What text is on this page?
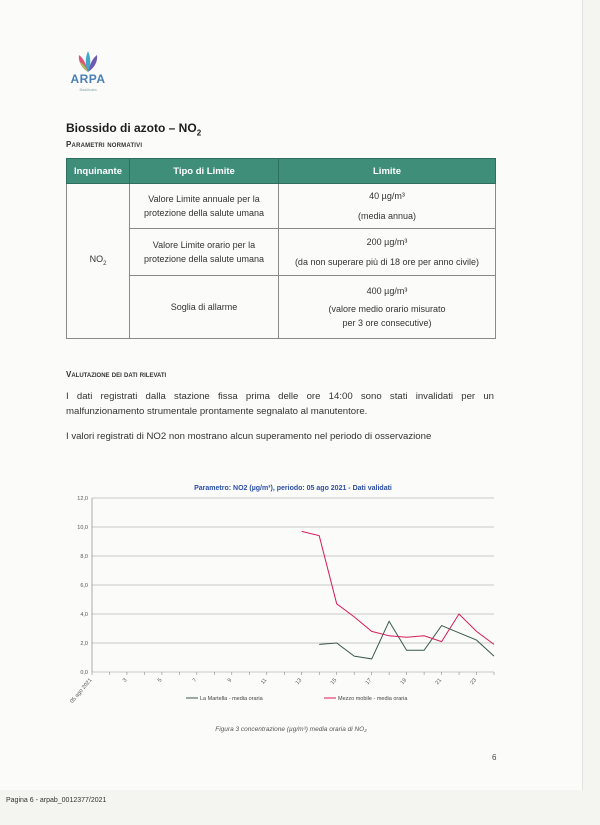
ARPA
Basilicata
Biossido di azoto – $NO_2$
Parametri normativi
Inquinante	Tipo di Limite	Limite
$NO_2$	Valore Limite annuale per la protezione della salute umana	40 µg/m³
(media annua)

	Valore Limite orario per la protezione della salute umana	200 µg/m³
(da non superare più di 18 ore per anno civile)

	Soglia di allarme	400 µg/m³
(valore medio orario misurato per 3 ore consecutive)
Valutazione dei dati rilevati
I dati registrati dalla stazione fissa prima delle ore 14:00 sono stati invalidati per un malfunzionamento strumentale prontamente segnalato al manutentore.
I valori registrati di NO2 non mostrano alcun superamento nel periodo di osservazione
Parametro: NO2 (µg/m³), periodo: 05 ago 2021 - Dati validati
0,0
2,0
4,0
6,0
8,0
10,0
12,0
05 ago 2021	3	5	7	9	11	13	15	17	19	21	23
La Martella - media oraria	Mezzo mobile - media oraria
Figura 3 concentrazione (µg/m³) media oraria di NO₂
6
Pagina 6 - arpab_0012377/2021
